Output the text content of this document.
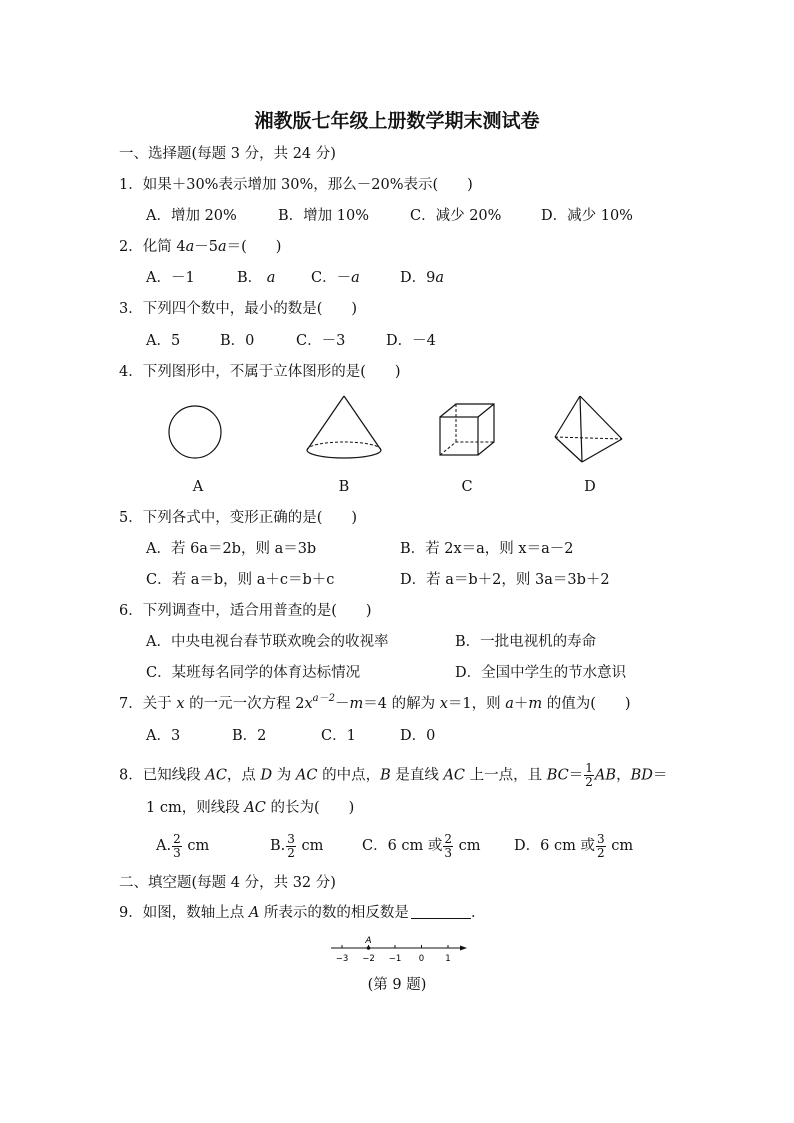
湘教版七年级上册数学期末测试卷
一、选择题(每题 3 分，共 24 分)
1．如果＋30%表示增加 30%，那么－20%表示(　　)
A．增加 20%	B．增加 10%	C．减少 20%	D．减少 10%
2．化简 4a－5a＝(　　)
A．－1	B． a C．－a	D．9a
3．下列四个数中，最小的数是(　　)
A．5	B．0	C．－3	D．－4
4．下列图形中，不属于立体图形的是(　　)
A	B	C	D
5．下列各式中，变形正确的是(　　)
A．若 6a＝2b，则 a＝3b	B．若 2x＝a，则 x＝a－2
C．若 a＝b，则 a＋c＝b＋c	D．若 a＝b＋2，则 3a＝3b＋2
6．下列调查中，适合用普查的是(　　)
A．中央电视台春节联欢晚会的收视率	B．一批电视机的寿命
C．某班每名同学的体育达标情况	D．全国中学生的节水意识
7．关于 x 的一元一次方程 $2x^{a-2}-m=4$ 的解为 x＝1，则 a＋m 的值为(　　)
A．3	B．2	C．1	D．0
8．已知线段 AC，点 D 为 AC 的中点，B 是直线 AC 上一点，且 $BC= \frac{1}{2}$ AB，BD＝
1 cm，则线段 AC 的长为(　　)
A. $\frac{2}{3}$ cm	B. $\frac{3}{2}$ cm	C．6 cm 或 $\frac{2}{3}$ cm D．6 cm 或 $\frac{3}{2}$ cm
二、填空题(每题 4 分，共 32 分)
9．如图，数轴上点 A 所表示的数的相反数是	．
−3 −2 −1 0 1
A
(第 9 题)
